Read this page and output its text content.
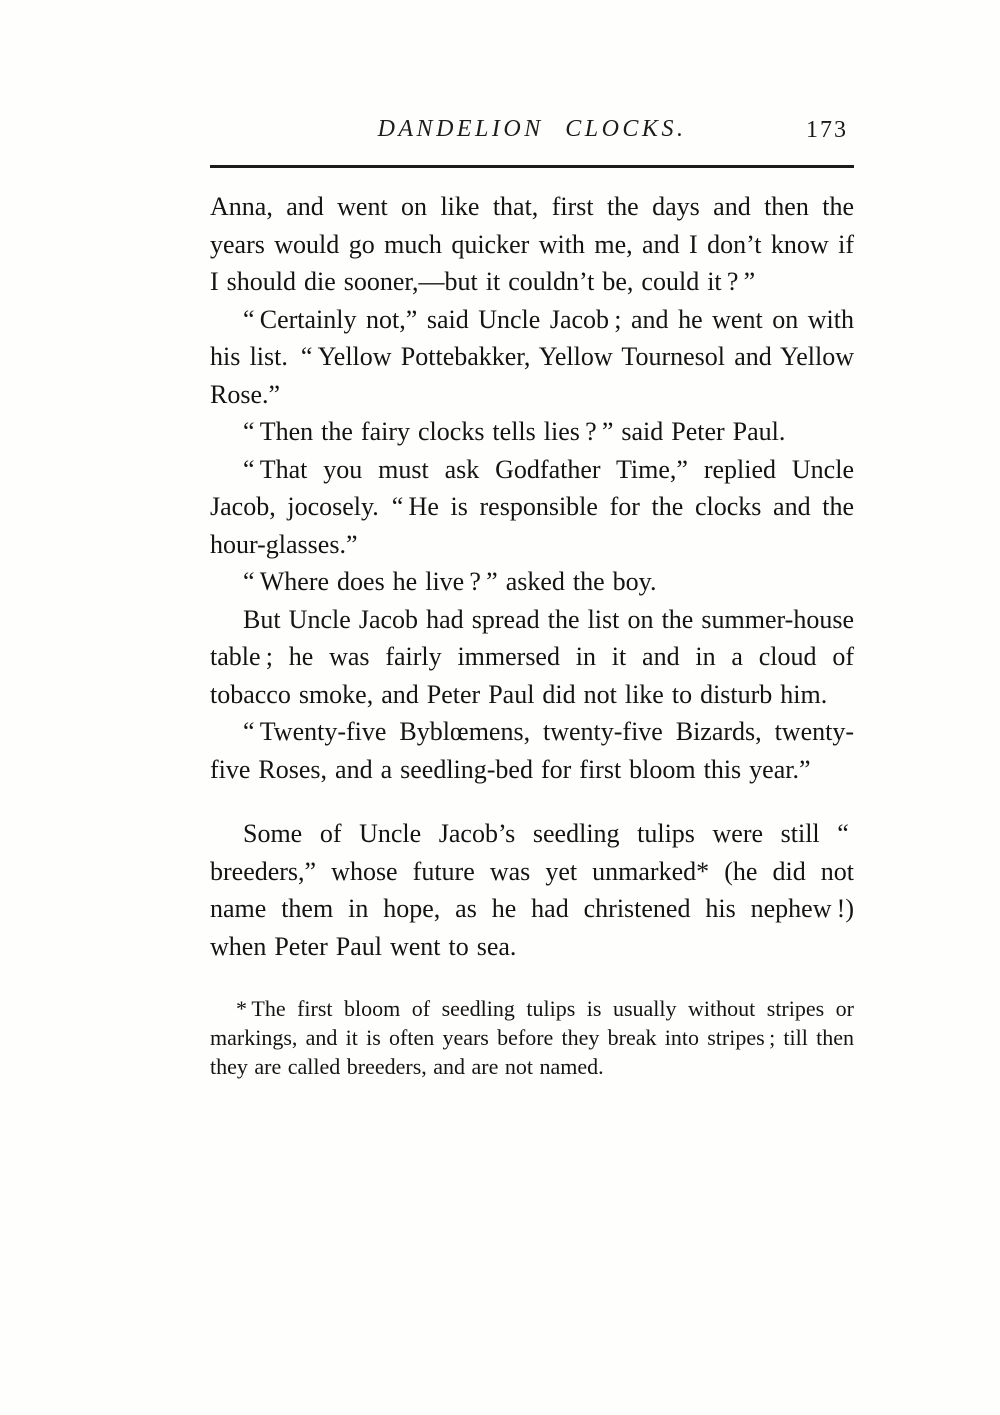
DANDELION CLOCKS.	173

Anna, and went on like that, first the days and then the years would go much quicker with me, and I don’t know if I should die sooner,—but it couldn’t be, could it ? ”

“ Certainly not,” said Uncle Jacob ; and he went on with his list. “ Yellow Pottebakker, Yellow Tournesol and Yellow Rose.”

“ Then the fairy clocks tells lies ? ” said Peter Paul.

“ That you must ask Godfather Time,” replied Uncle Jacob, jocosely. “ He is responsible for the clocks and the hour-glasses.”

“ Where does he live ? ” asked the boy.

But Uncle Jacob had spread the list on the summer-house table ; he was fairly immersed in it and in a cloud of tobacco smoke, and Peter Paul did not like to disturb him.

“ Twenty-five Byblœmens, twenty-five Bizards, twenty-five Roses, and a seedling-bed for first bloom this year.”

Some of Uncle Jacob’s seedling tulips were still “ breeders,” whose future was yet unmarked* (he did not name them in hope, as he had christened his nephew !) when Peter Paul went to sea.

* The first bloom of seedling tulips is usually without stripes or markings, and it is often years before they break into stripes ; till then they are called breeders, and are not named.
